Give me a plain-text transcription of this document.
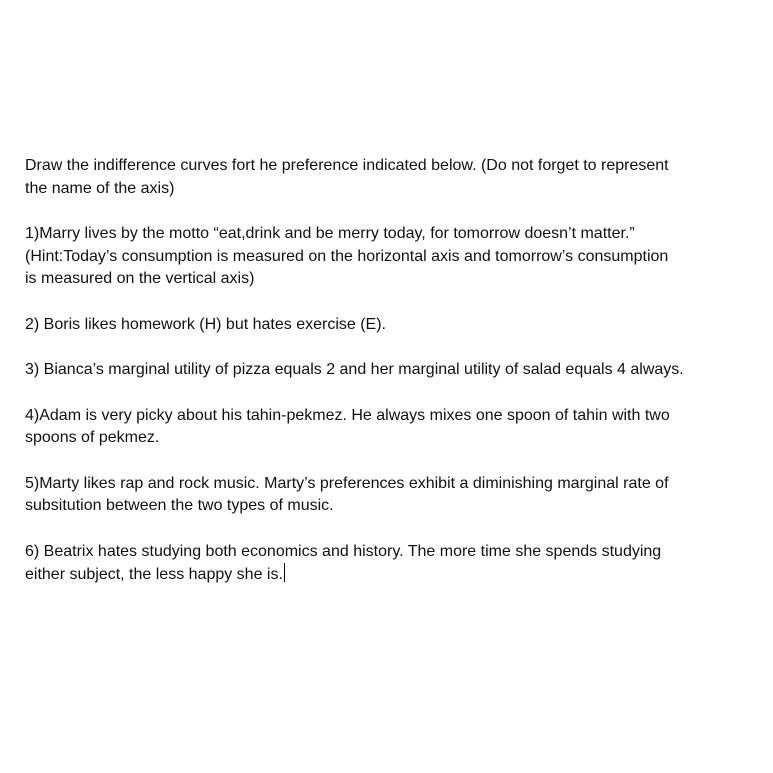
Draw the indifference curves fort he preference indicated below. (Do not forget to represent
the name of the axis)

1)Marry lives by the motto “eat,drink and be merry today, for tomorrow doesn’t matter.”
(Hint:Today’s consumption is measured on the horizontal axis and tomorrow’s consumption
is measured on the vertical axis)

2) Boris likes homework (H) but hates exercise (E).

3) Bianca’s marginal utility of pizza equals 2 and her marginal utility of salad equals 4 always.

4)Adam is very picky about his tahin-pekmez. He always mixes one spoon of tahin with two
spoons of pekmez.

5)Marty likes rap and rock music. Marty’s preferences exhibit a diminishing marginal rate of
subsitution between the two types of music.

6) Beatrix hates studying both economics and history. The more time she spends studying
either subject, the less happy she is.
